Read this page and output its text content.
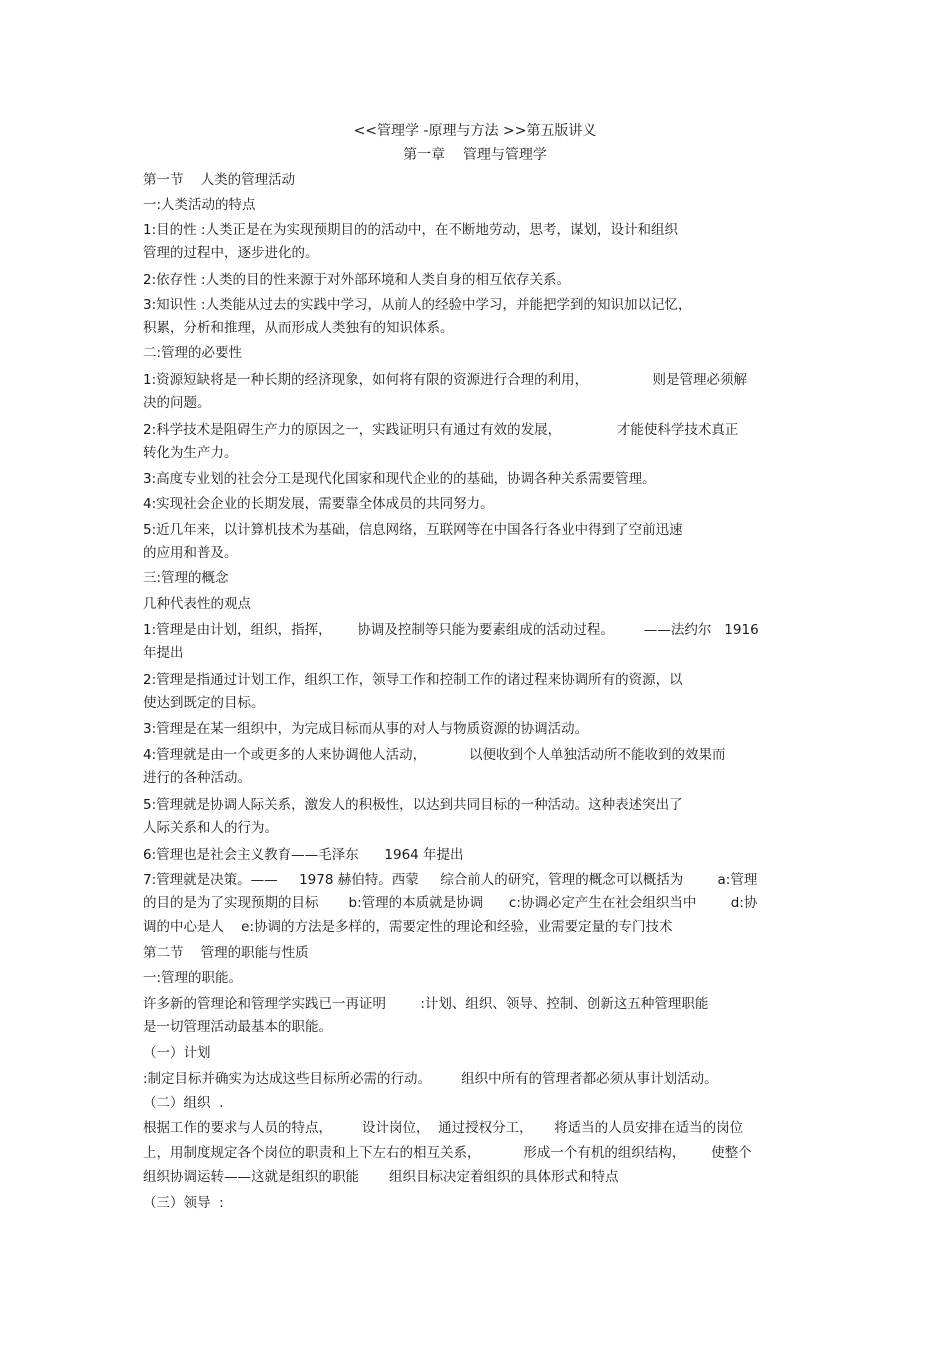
<<管理学 -原理与方法 >>第五版讲义
第一章    管理与管理学
第一节    人类的管理活动
一:人类活动的特点
1:目的性 :人类正是在为实现预期目的的活动中，在不断地劳动，思考，谋划，设计和组织
管理的过程中，逐步进化的。
2:依存性 :人类的目的性来源于对外部环境和人类自身的相互依存关系。
3:知识性 :人类能从过去的实践中学习，从前人的经验中学习，并能把学到的知识加以记忆，
积累，分析和推理，从而形成人类独有的知识体系。
二:管理的必要性
1:资源短缺将是一种长期的经济现象，如何将有限的资源进行合理的利用，               则是管理必须解
决的问题。
2:科学技术是阻碍生产力的原因之一，实践证明只有通过有效的发展，             才能使科学技术真正
转化为生产力。
3:高度专业划的社会分工是现代化国家和现代企业的的基础，协调各种关系需要管理。
4:实现社会企业的长期发展，需要靠全体成员的共同努力。
5:近几年来，以计算机技术为基础，信息网络，互联网等在中国各行各业中得到了空前迅速
的应用和普及。
三:管理的概念
几种代表性的观点
1:管理是由计划，组织，指挥，      协调及控制等只能为要素组成的活动过程。       ——法约尔   1916
年提出
2:管理是指通过计划工作，组织工作，领导工作和控制工作的诸过程来协调所有的资源，以
使达到既定的目标。
3:管理是在某一组织中，为完成目标而从事的对人与物质资源的协调活动。
4:管理就是由一个或更多的人来协调他人活动，          以便收到个人单独活动所不能收到的效果而
进行的各种活动。
5:管理就是协调人际关系，激发人的积极性，以达到共同目标的一种活动。这种表述突出了
人际关系和人的行为。
6:管理也是社会主义教育——毛泽东      1964 年提出
7:管理就是决策。——     1978 赫伯特。西蒙     综合前人的研究，管理的概念可以概括为        a:管理
的目的是为了实现预期的目标       b:管理的本质就是协调      c:协调必定产生在社会组织当中        d:协
调的中心是人    e:协调的方法是多样的，需要定性的理论和经验，业需要定量的专门技术
第二节    管理的职能与性质
一:管理的职能。
许多新的管理论和管理学实践已一再证明        :计划、组织、领导、控制、创新这五种管理职能
是一切管理活动最基本的职能。
（一）计划
:制定目标并确实为达成这些目标所必需的行动。       组织中所有的管理者都必须从事计划活动。
（二）组织  .
根据工作的要求与人员的特点，       设计岗位，  通过授权分工，     将适当的人员安排在适当的岗位
上，用制度规定各个岗位的职责和上下左右的相互关系，          形成一个有机的组织结构，      使整个
组织协调运转——这就是组织的职能       组织目标决定着组织的具体形式和特点
（三）领导  :
